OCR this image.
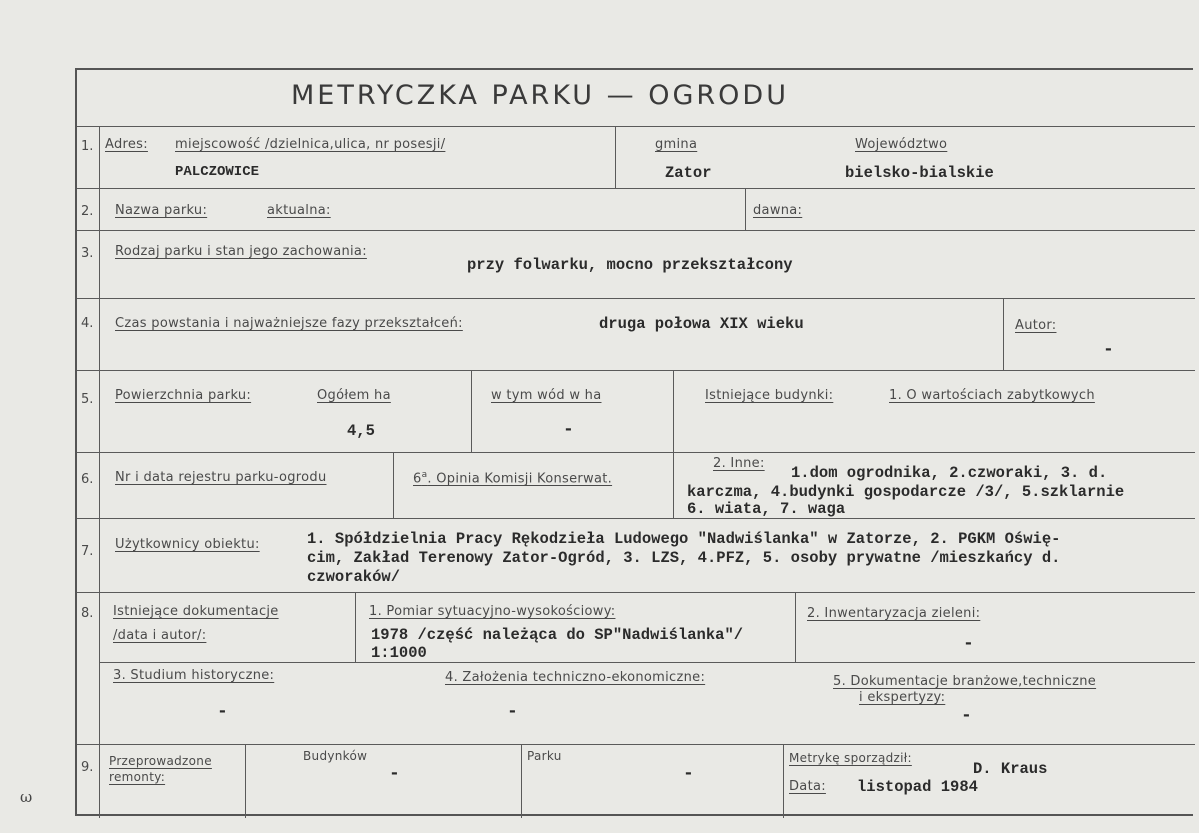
ω
METRYCZKA PARKU — OGRODU
1. Adres: miejscowość /dzielnica,ulica, nr posesji/
PALCZOWICE
gmina
Zator
Województwo
bielsko-bialskie
2. Nazwa parku:	aktualna:	dawna:
3. Rodzaj parku i stan jego zachowania:
przy folwarku, mocno przekształcony
4. Czas powstania i najważniejsze fazy przekształceń:	druga połowa XIX wieku	Autor:
-
5. Powierzchnia parku:	Ogółem ha
4,5
w tym wód w ha
-
Istniejące budynki:	1. O wartościach zabytkowych
6. Nr i data rejestru parku-ogrodu	6$^a$. Opinia Komisji Konserwat.
2. Inne:
1.dom ogrodnika, 2.czworaki, 3. d.
karczma, 4.budynki gospodarcze /3/, 5.szklarnie
6. wiata, 7. waga
7. Użytkownicy obiektu:	1. Spółdzielnia Pracy Rękodzieła Ludowego "Nadwiślanka" w Zatorze, 2. PGKM Oświę-
cim, Zakład Terenowy Zator-Ogród, 3. LZS, 4.PFZ, 5. osoby prywatne /mieszkańcy d.
czworaków/
8. Istniejące dokumentacje
/data i autor/:
1. Pomiar sytuacyjno-wysokościowy:
1978 /część należąca do SP"Nadwiślanka"/
1:1000
2. Inwentaryzacja zieleni:
-
3. Studium historyczne:
-
4. Założenia techniczno-ekonomiczne:
-
5. Dokumentacje branżowe,techniczne
i ekspertyzy:
-
9. Przeprowadzone
remonty:
Budynków
-
Parku
-
Metrykę sporządził:
D. Kraus
Data: listopad 1984
